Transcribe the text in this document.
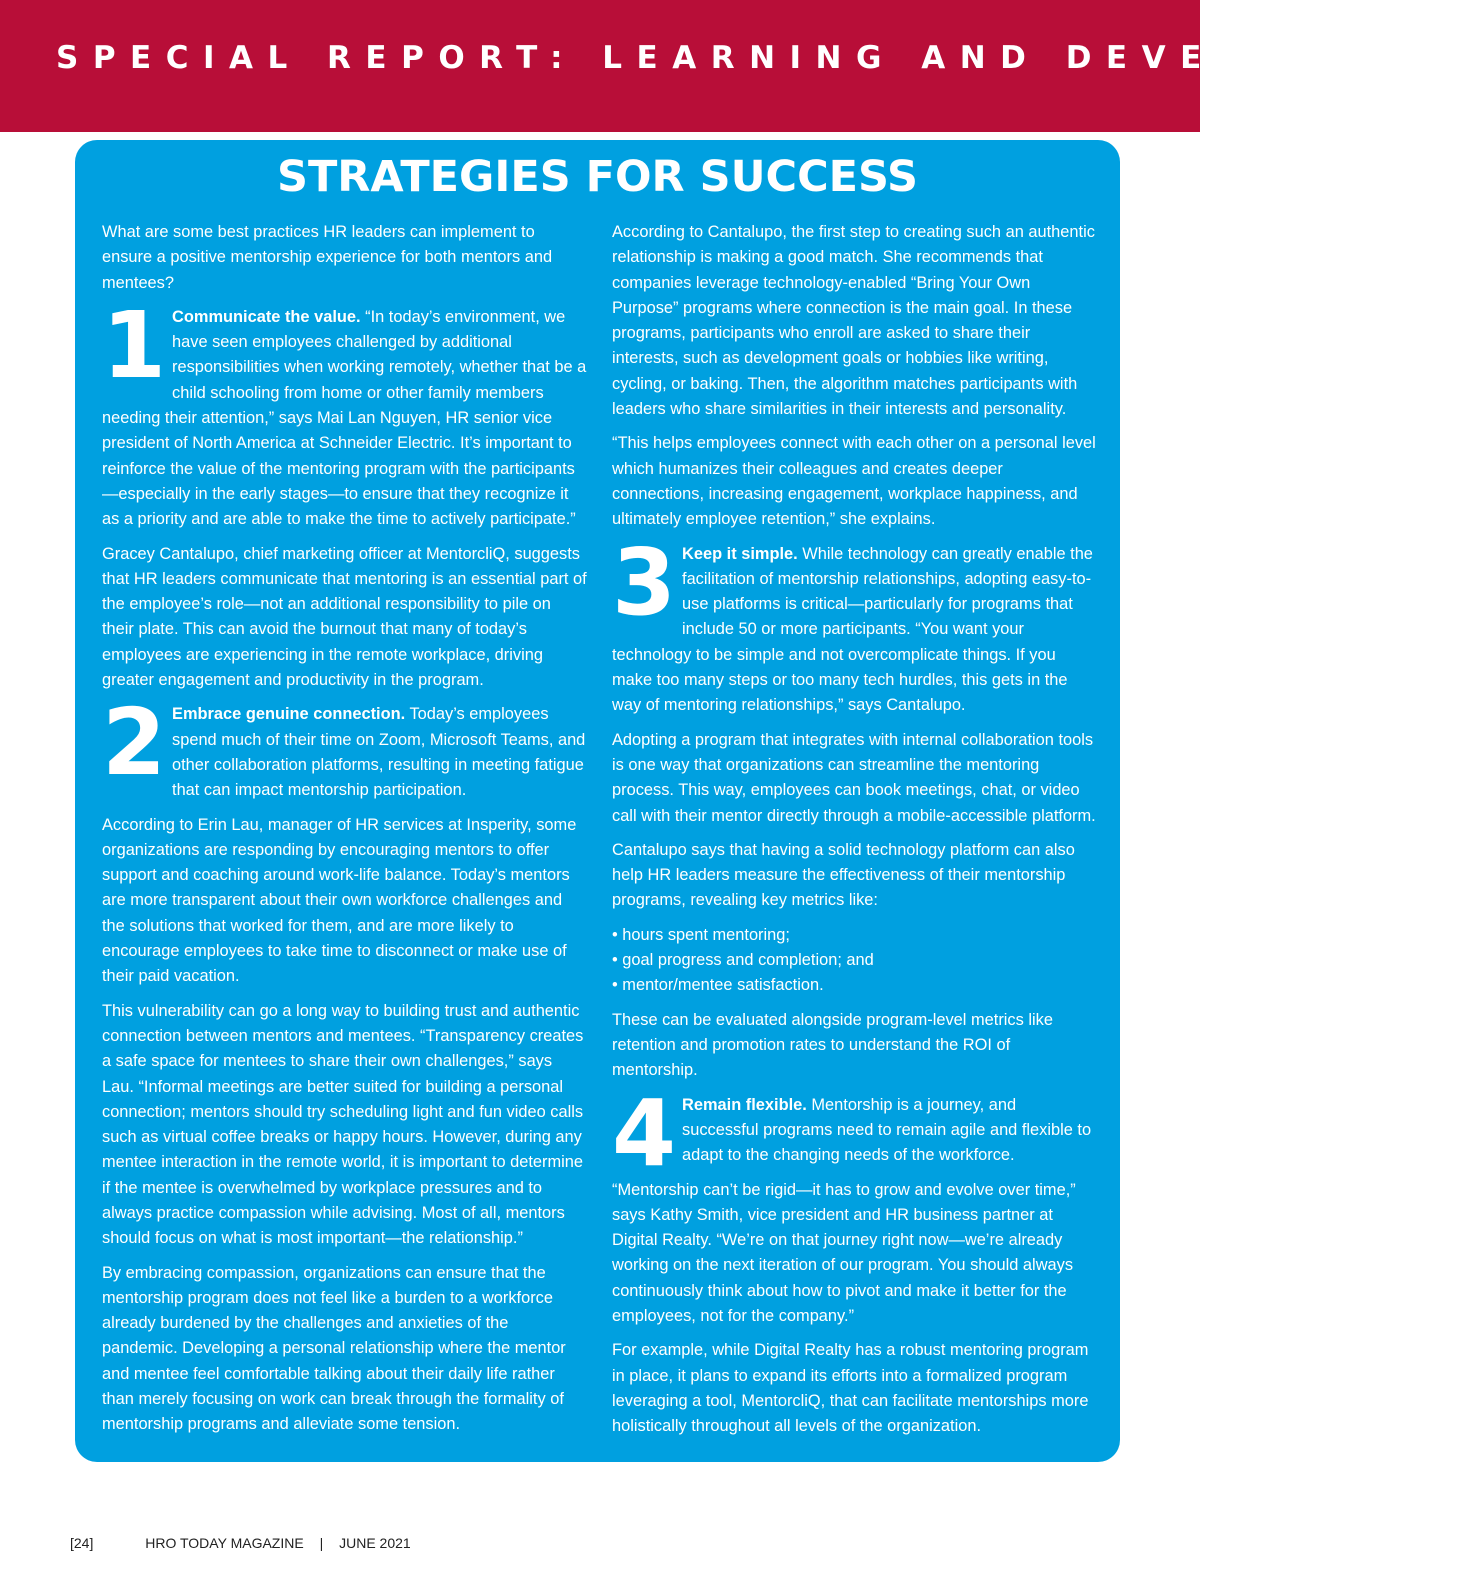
SPECIAL REPORT: LEARNING AND DEVELOPMENT
STRATEGIES FOR SUCCESS

What are some best practices HR leaders can implement to ensure a positive mentorship experience for both mentors and mentees?

1 Communicate the value. “In today’s environment, we have seen employees challenged by additional responsibilities when working remotely, whether that be a child schooling from home or other family members needing their attention,” says Mai Lan Nguyen, HR senior vice president of North America at Schneider Electric. It’s important to reinforce the value of the mentoring program with the participants—especially in the early stages—to ensure that they recognize it as a priority and are able to make the time to actively participate.”

Gracey Cantalupo, chief marketing officer at MentorcliQ, suggests that HR leaders communicate that mentoring is an essential part of the employee’s role—not an additional responsibility to pile on their plate. This can avoid the burnout that many of today’s employees are experiencing in the remote workplace, driving greater engagement and productivity in the program.

2 Embrace genuine connection. Today’s employees spend much of their time on Zoom, Microsoft Teams, and other collaboration platforms, resulting in meeting fatigue that can impact mentorship participation.

According to Erin Lau, manager of HR services at Insperity, some organizations are responding by encouraging mentors to offer support and coaching around work-life balance. Today’s mentors are more transparent about their own workforce challenges and the solutions that worked for them, and are more likely to encourage employees to take time to disconnect or make use of their paid vacation.

This vulnerability can go a long way to building trust and authentic connection between mentors and mentees. “Transparency creates a safe space for mentees to share their own challenges,” says Lau. “Informal meetings are better suited for building a personal connection; mentors should try scheduling light and fun video calls such as virtual coffee breaks or happy hours. However, during any mentee interaction in the remote world, it is important to determine if the mentee is overwhelmed by workplace pressures and to always practice compassion while advising. Most of all, mentors should focus on what is most important—the relationship.”

By embracing compassion, organizations can ensure that the mentorship program does not feel like a burden to a workforce already burdened by the challenges and anxieties of the pandemic. Developing a personal relationship where the mentor and mentee feel comfortable talking about their daily life rather than merely focusing on work can break through the formality of mentorship programs and alleviate some tension.

According to Cantalupo, the first step to creating such an authentic relationship is making a good match. She recommends that companies leverage technology-enabled “Bring Your Own Purpose” programs where connection is the main goal. In these programs, participants who enroll are asked to share their interests, such as development goals or hobbies like writing, cycling, or baking. Then, the algorithm matches participants with leaders who share similarities in their interests and personality.

“This helps employees connect with each other on a personal level which humanizes their colleagues and creates deeper connections, increasing engagement, workplace happiness, and ultimately employee retention,” she explains.

3 Keep it simple. While technology can greatly enable the facilitation of mentorship relationships, adopting easy-to-use platforms is critical—particularly for programs that include 50 or more participants. “You want your technology to be simple and not overcomplicate things. If you make too many steps or too many tech hurdles, this gets in the way of mentoring relationships,” says Cantalupo.

Adopting a program that integrates with internal collaboration tools is one way that organizations can streamline the mentoring process. This way, employees can book meetings, chat, or video call with their mentor directly through a mobile-accessible platform.

Cantalupo says that having a solid technology platform can also help HR leaders measure the effectiveness of their mentorship programs, revealing key metrics like:

• hours spent mentoring;
• goal progress and completion; and
• mentor/mentee satisfaction.

These can be evaluated alongside program-level metrics like retention and promotion rates to understand the ROI of mentorship.

4 Remain flexible. Mentorship is a journey, and successful programs need to remain agile and flexible to adapt to the changing needs of the workforce.

“Mentorship can’t be rigid—it has to grow and evolve over time,” says Kathy Smith, vice president and HR business partner at Digital Realty. “We’re on that journey right now—we’re already working on the next iteration of our program. You should always continuously think about how to pivot and make it better for the employees, not for the company.”

For example, while Digital Realty has a robust mentoring program in place, it plans to expand its efforts into a formalized program leveraging a tool, MentorcliQ, that can facilitate mentorships more holistically throughout all levels of the organization.

[24]	HRO TODAY MAGAZINE | JUNE 2021
